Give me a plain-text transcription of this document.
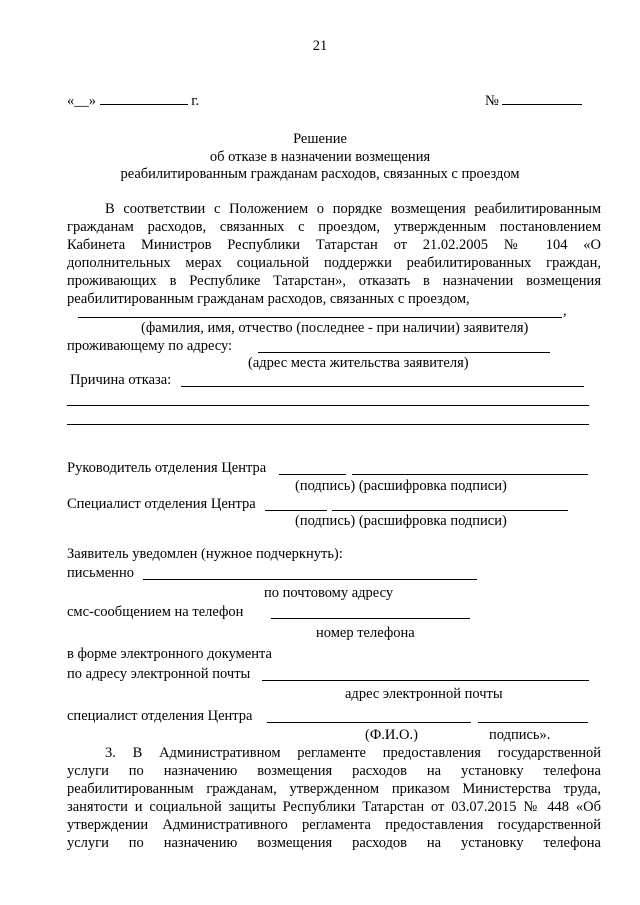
21
«__»	г.	№
Решение
об отказе в назначении возмещения
реабилитированным гражданам расходов, связанных с проездом
В соответствии с Положением о порядке возмещения реабилитированным
гражданам расходов, связанных с проездом, утвержденным постановлением
Кабинета Министров Республики Татарстан от 21.02.2005 № 104 «О
дополнительных мерах социальной поддержки реабилитированных граждан,
проживающих в Республике Татарстан», отказать в назначении возмещения
реабилитированным гражданам расходов, связанных с проездом,
,
(фамилия, имя, отчество (последнее - при наличии) заявителя)
проживающему по адресу:
(адрес места жительства заявителя)
Причина отказа:
Руководитель отделения Центра
(подпись) (расшифровка подписи)
Специалист отделения Центра
(подпись) (расшифровка подписи)
Заявитель уведомлен (нужное подчеркнуть):
письменно
по почтовому адресу
смс-сообщением на телефон
номер телефона
в форме электронного документа
по адресу электронной почты
адрес электронной почты
специалист отделения Центра
(Ф.И.О.)	подпись».
3. В Административном регламенте предоставления государственной
услуги по назначению возмещения расходов на установку телефона
реабилитированным гражданам, утвержденном приказом Министерства труда,
занятости и социальной защиты Республики Татарстан от 03.07.2015 № 448 «Об
утверждении Административного регламента предоставления государственной
услуги по назначению возмещения расходов на установку телефона
